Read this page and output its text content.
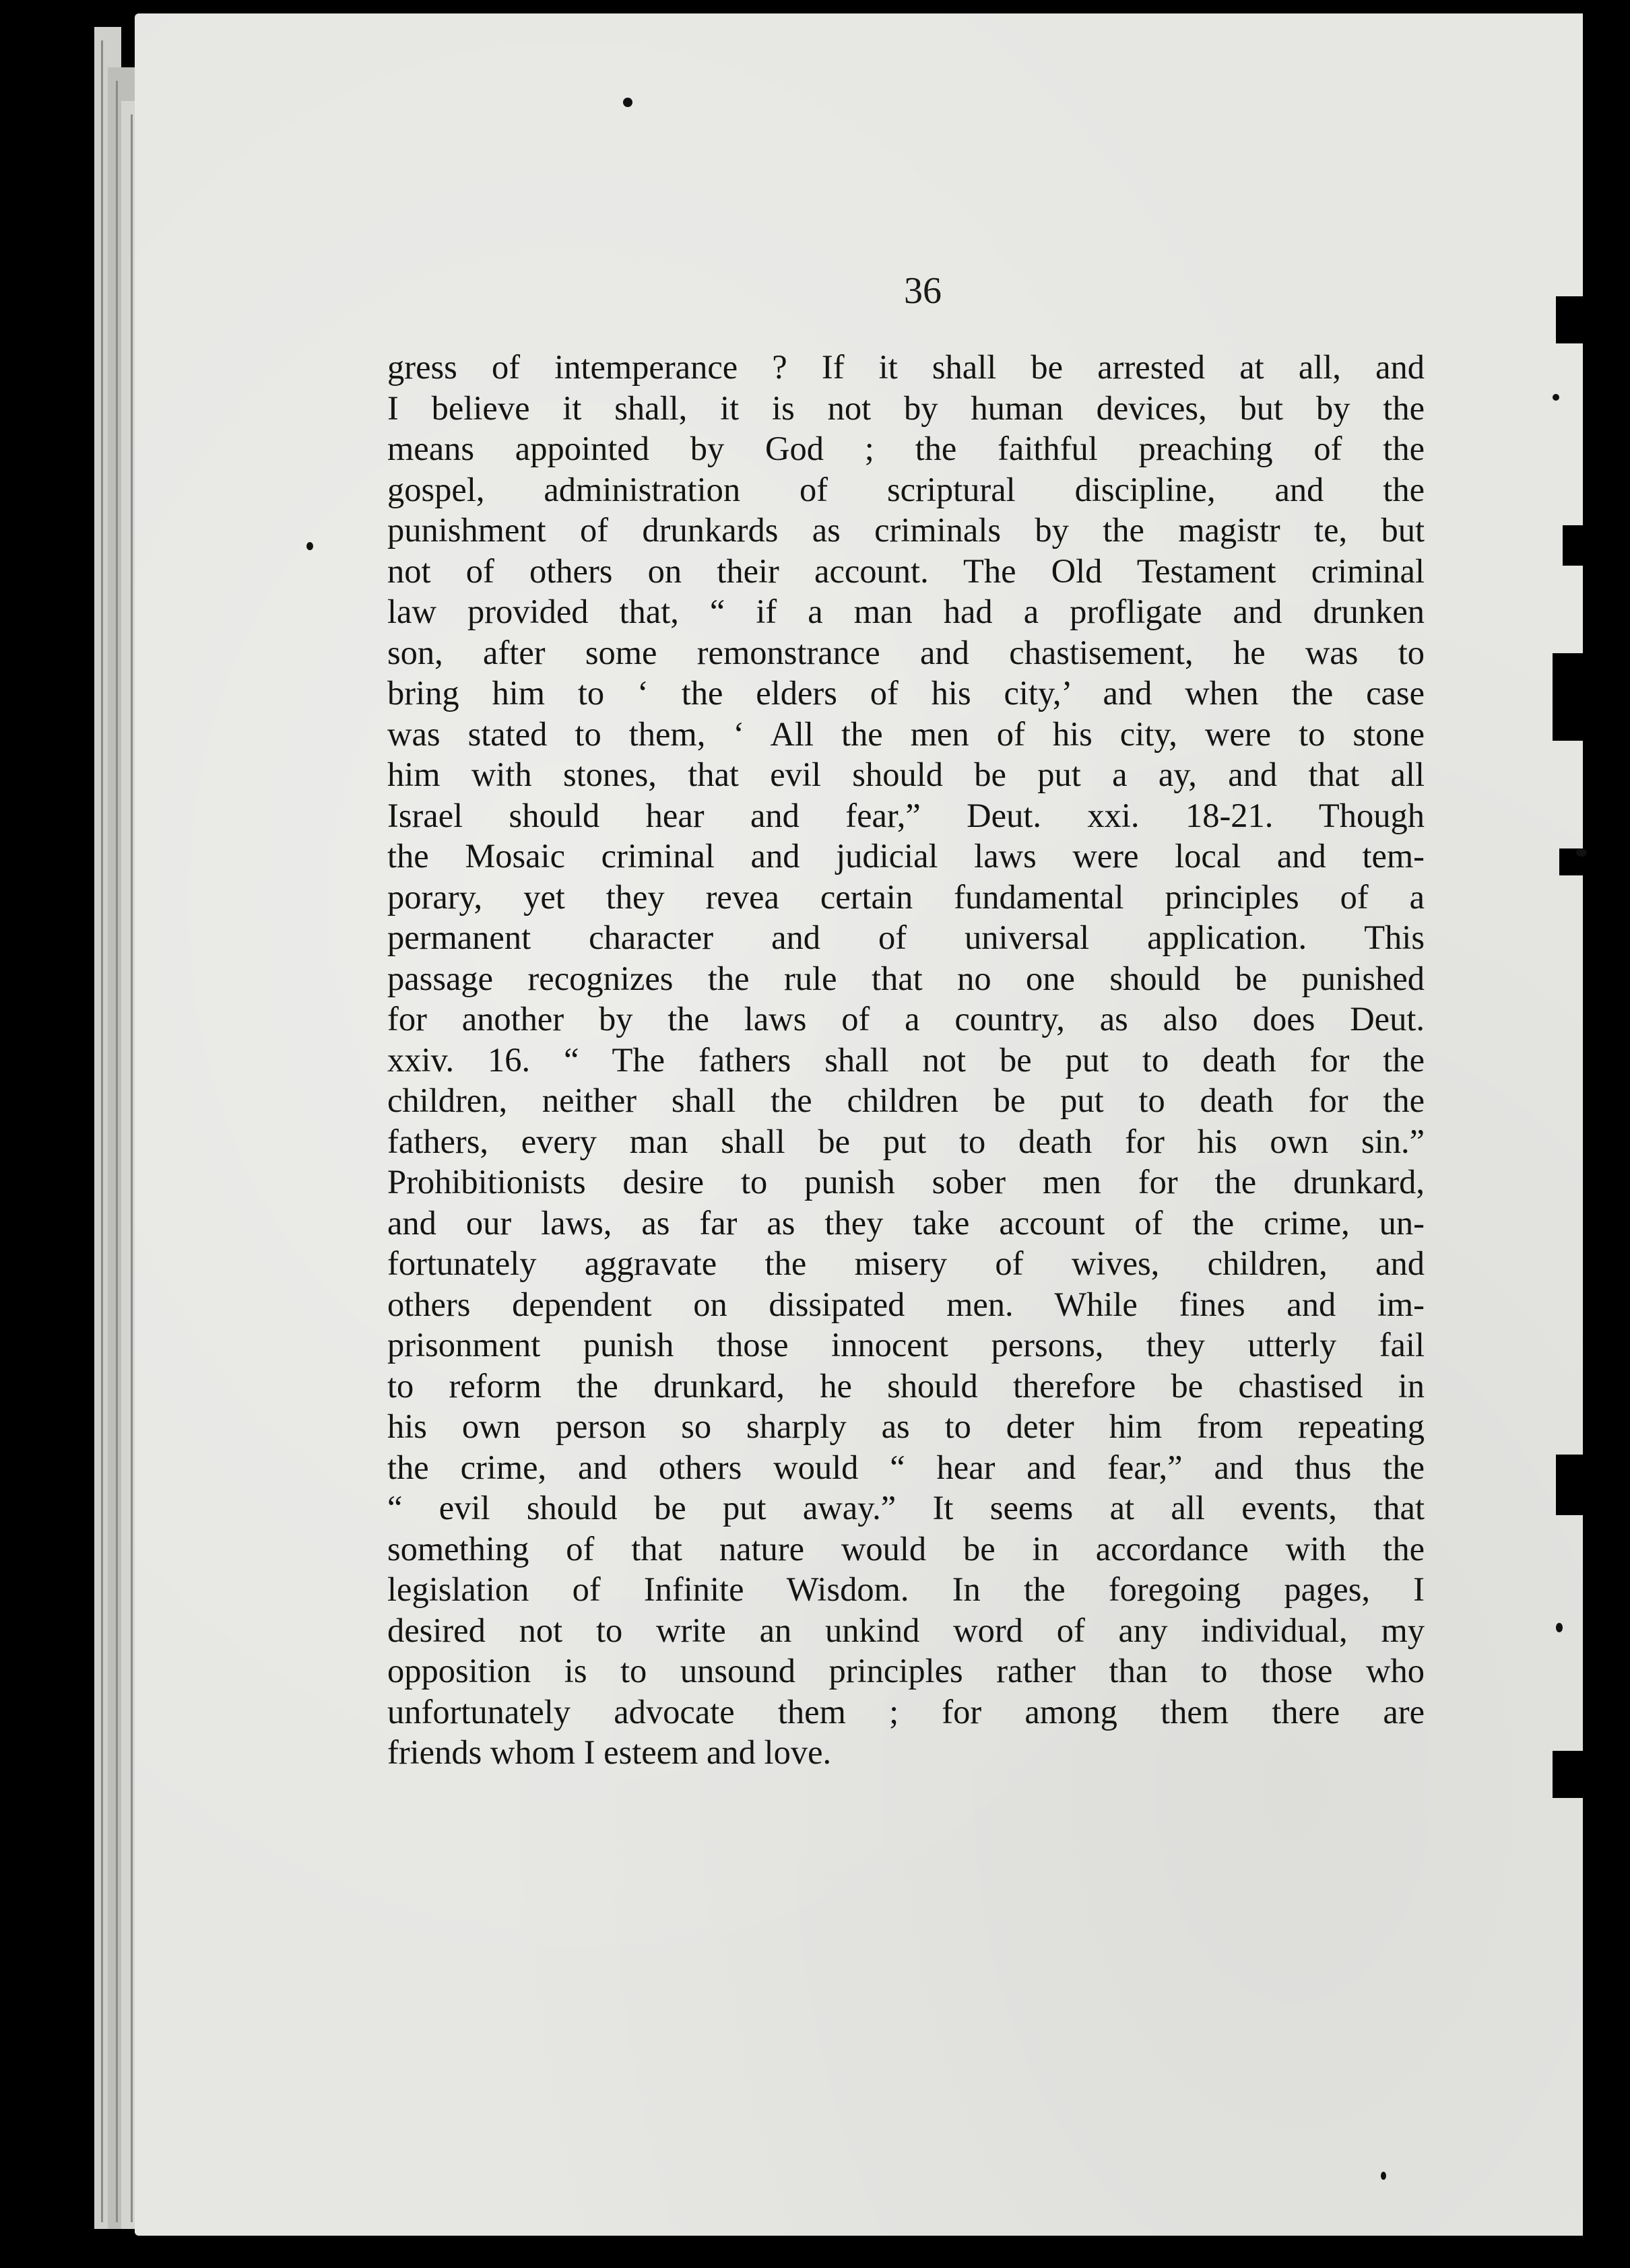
36
gress of intemperance ? If it shall be arrested at all, and
I believe it shall, it is not by human devices, but by the
means appointed by God ; the faithful preaching of the
gospel, administration of scriptural discipline, and the
punishment of drunkards as criminals by the magistr te, but
not of others on their account. The Old Testament criminal
law provided that, “ if a man had a profligate and drunken
son, after some remonstrance and chastisement, he was to
bring him to ‘ the elders of his city,’ and when the case
was stated to them, ‘ All the men of his city, were to stone
him with stones, that evil should be put a ay, and that all
Israel should hear and fear,” Deut. xxi. 18-21. Though
the Mosaic criminal and judicial laws were local and tem-
porary, yet they revea certain fundamental principles of a
permanent character and of universal application. This
passage recognizes the rule that no one should be punished
for another by the laws of a country, as also does Deut.
xxiv. 16. “ The fathers shall not be put to death for the
children, neither shall the children be put to death for the
fathers, every man shall be put to death for his own sin.”
Prohibitionists desire to punish sober men for the drunkard,
and our laws, as far as they take account of the crime, un-
fortunately aggravate the misery of wives, children, and
others dependent on dissipated men. While fines and im-
prisonment punish those innocent persons, they utterly fail
to reform the drunkard, he should therefore be chastised in
his own person so sharply as to deter him from repeating
the crime, and others would “ hear and fear,” and thus the
“ evil should be put away.” It seems at all events, that
something of that nature would be in accordance with the
legislation of Infinite Wisdom. In the foregoing pages, I
desired not to write an unkind word of any individual, my
opposition is to unsound principles rather than to those who
unfortunately advocate them ; for among them there are
friends whom I esteem and love.
